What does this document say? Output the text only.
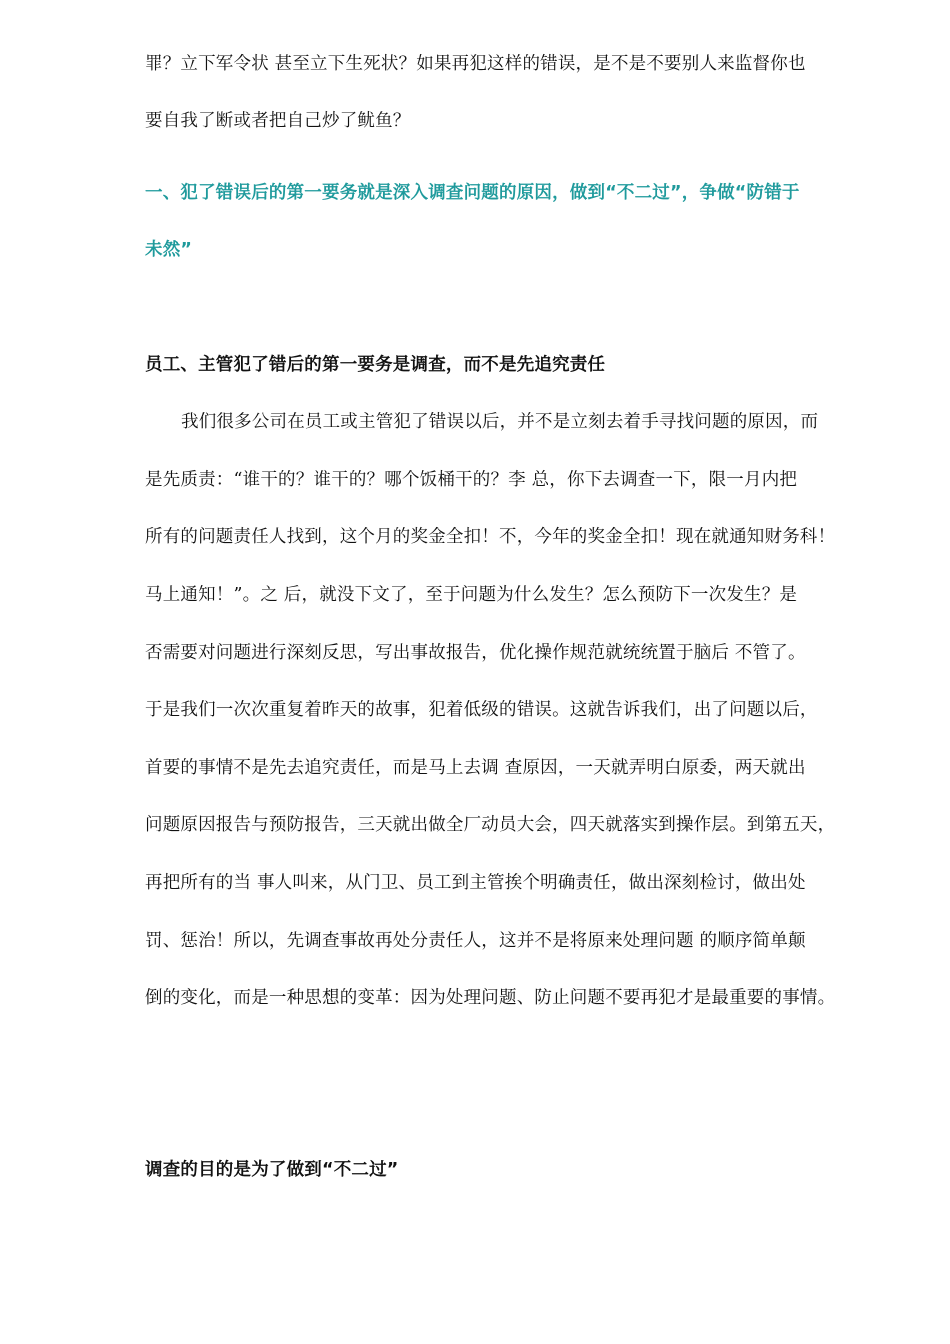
罪？立下军令状 甚至立下生死状？如果再犯这样的错误，是不是不要别人来监督你也
要自我了断或者把自己炒了鱿鱼？
一、犯了错误后的第一要务就是深入调查问题的原因，做到“不二过”，争做“防错于
未然”
员工、主管犯了错后的第一要务是调查，而不是先追究责任
我们很多公司在员工或主管犯了错误以后，并不是立刻去着手寻找问题的原因，而
是先质责：“谁干的？谁干的？哪个饭桶干的？李 总，你下去调查一下，限一月内把
所有的问题责任人找到，这个月的奖金全扣！不，今年的奖金全扣！现在就通知财务科！
马上通知！”。之 后，就没下文了，至于问题为什么发生？怎么预防下一次发生？是
否需要对问题进行深刻反思，写出事故报告，优化操作规范就统统置于脑后 不管了。
于是我们一次次重复着昨天的故事，犯着低级的错误。这就告诉我们，出了问题以后，
首要的事情不是先去追究责任，而是马上去调 查原因，一天就弄明白原委，两天就出
问题原因报告与预防报告，三天就出做全厂动员大会，四天就落实到操作层。到第五天，
再把所有的当 事人叫来，从门卫、员工到主管挨个明确责任，做出深刻检讨，做出处
罚、惩治！所以，先调查事故再处分责任人，这并不是将原来处理问题 的顺序简单颠
倒的变化，而是一种思想的变革：因为处理问题、防止问题不要再犯才是最重要的事情。
调查的目的是为了做到“不二过”
